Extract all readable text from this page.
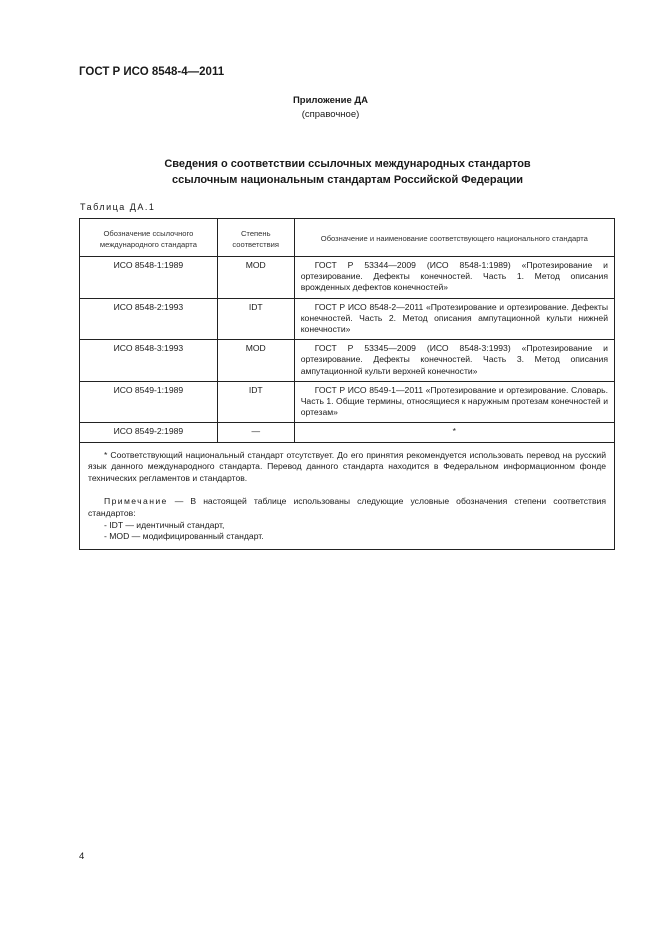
ГОСТ Р ИСО 8548-4—2011
Приложение ДА
(справочное)
Сведения о соответствии ссылочных международных стандартов
ссылочным национальным стандартам Российской Федерации
Таблица ДА.1
Обозначение ссылочного международного стандарта	Степень соответствия	Обозначение и наименование соответствующего национального стандарта
ИСО 8548-1:1989	MOD	ГОСТ Р 53344—2009 (ИСО 8548-1:1989) «Протезирование и ортезирование. Дефекты конечностей. Часть 1. Метод описания врожденных дефектов конечностей»
ИСО 8548-2:1993	IDT	ГОСТ Р ИСО 8548-2—2011 «Протезирование и ортезирование. Дефекты конечностей. Часть 2. Метод описания ампутационной культи нижней конечности»
ИСО 8548-3:1993	MOD	ГОСТ Р 53345—2009 (ИСО 8548-3:1993) «Протезирование и ортезирование. Дефекты конечностей. Часть 3. Метод описания ампутационной культи верхней конечности»
ИСО 8549-1:1989	IDT	ГОСТ Р ИСО 8549-1—2011 «Протезирование и ортезирование. Словарь. Часть 1. Общие термины, относящиеся к наружным протезам конечностей и ортезам»
ИСО 8549-2:1989	—	*

* Соответствующий национальный стандарт отсутствует. До его принятия рекомендуется использовать перевод на русский язык данного международного стандарта. Перевод данного стандарта находится в Федеральном информационном фонде технических регламентов и стандартов.
Примечание — В настоящей таблице использованы следующие условные обозначения степени соответствия стандартов:
- IDT — идентичный стандарт,
- MOD — модифицированный стандарт.		
4
